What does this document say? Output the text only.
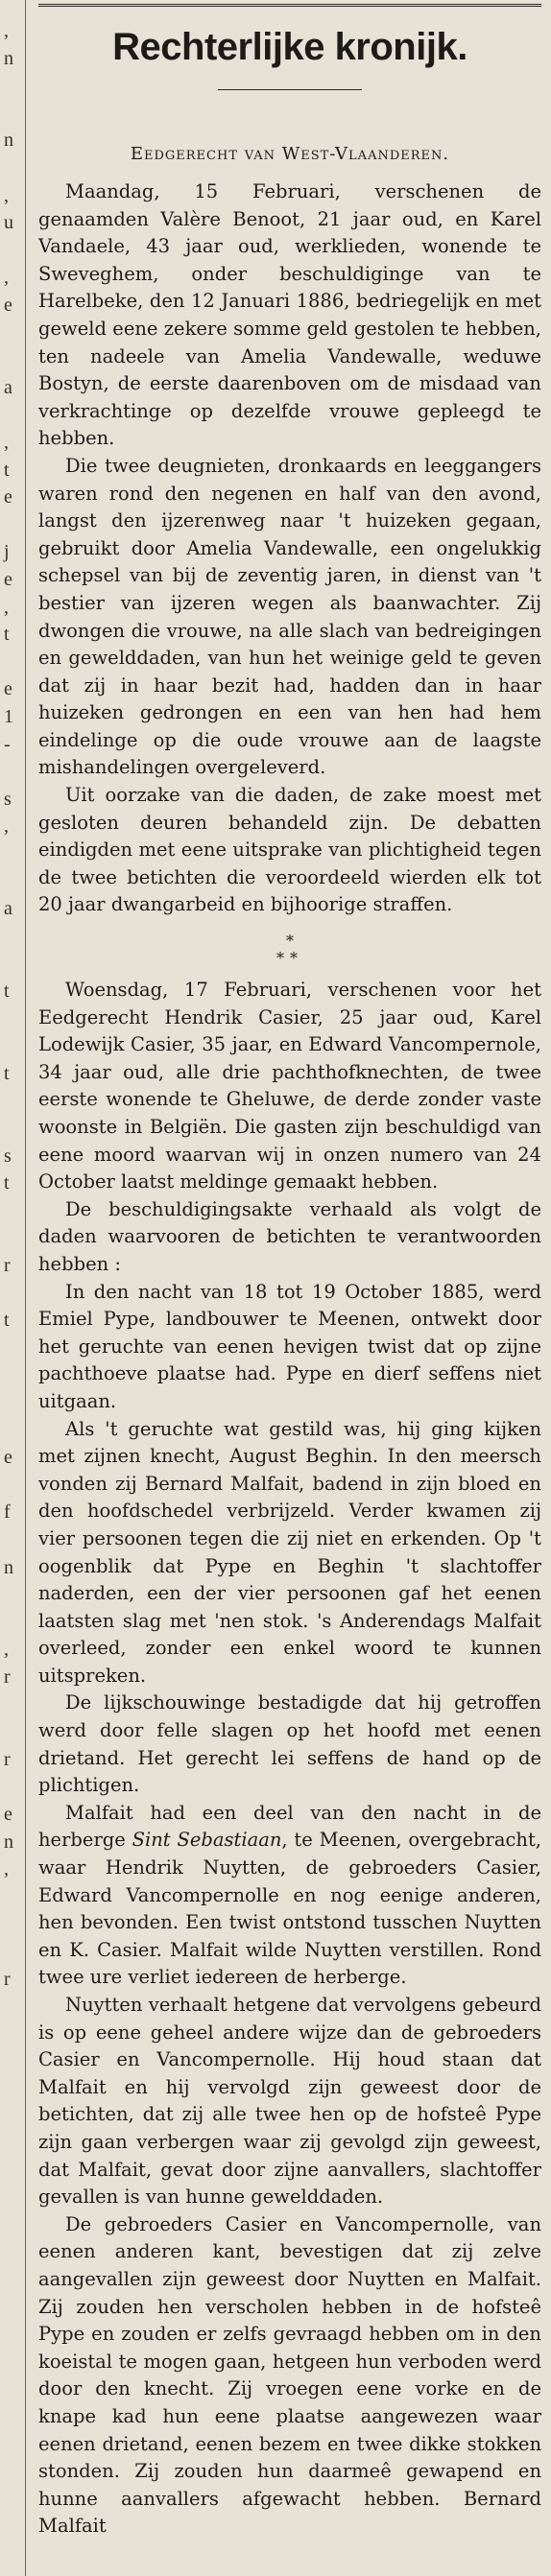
,
n
n
,
u
,
e
a
,
t
e
j
e
,
t
e
1
-
s
,
a
t
t
s
t
r
t
e
f
n
,
r
r
e
n
,
r
Rechterlijke kronijk.
Eedgerecht van West-Vlaanderen.

Maandag, 15 Februari, verschenen de genaamden Valère Benoot, 21 jaar oud, en Karel Vandaele, 43 jaar oud, werklieden, wonende te Sweveghem, onder beschuldiginge van te Harelbeke, den 12 Januari 1886, bedriegelijk en met geweld eene zekere somme geld gestolen te hebben, ten nadeele van Amelia Vandewalle, weduwe Bostyn, de eerste daarenboven om de misdaad van verkrachtinge op dezelfde vrouwe gepleegd te hebben.

Die twee deugnieten, dronkaards en leeggangers waren rond den negenen en half van den avond, langst den ijzerenweg naar 't huizeken gegaan, gebruikt door Amelia Vandewalle, een ongelukkig schepsel van bij de zeventig jaren, in dienst van 't bestier van ijzeren wegen als baanwachter. Zij dwongen die vrouwe, na alle slach van bedreigingen en gewelddaden, van hun het weinige geld te geven dat zij in haar bezit had, hadden dan in haar huizeken gedrongen en een van hen had hem eindelinge op die oude vrouwe aan de laagste mishandelingen overgeleverd.

Uit oorzake van die daden, de zake moest met gesloten deuren behandeld zijn. De debatten eindigden met eene uitsprake van plichtigheid tegen de twee betichten die veroordeeld wierden elk tot 20 jaar dwangarbeid en bijhoorige straffen.

*
**

Woensdag, 17 Februari, verschenen voor het Eedgerecht Hendrik Casier, 25 jaar oud, Karel Lodewijk Casier, 35 jaar, en Edward Vancompernole, 34 jaar oud, alle drie pachthofknechten, de twee eerste wonende te Gheluwe, de derde zonder vaste woonste in Belgiën. Die gasten zijn beschuldigd van eene moord waarvan wij in onzen numero van 24 October laatst meldinge gemaakt hebben.

De beschuldigingsakte verhaald als volgt de daden waarvooren de betichten te verantwoorden hebben :

In den nacht van 18 tot 19 October 1885, werd Emiel Pype, landbouwer te Meenen, ontwekt door het geruchte van eenen hevigen twist dat op zijne pachthoeve plaatse had. Pype en dierf seffens niet uitgaan.

Als 't geruchte wat gestild was, hij ging kijken met zijnen knecht, August Beghin. In den meersch vonden zij Bernard Malfait, badend in zijn bloed en den hoofdschedel verbrijzeld. Verder kwamen zij vier persoonen tegen die zij niet en erkenden. Op 't oogenblik dat Pype en Beghin 't slachtoffer naderden, een der vier persoonen gaf het eenen laatsten slag met 'nen stok. 's Anderendags Malfait overleed, zonder een enkel woord te kunnen uitspreken.

De lijkschouwinge bestadigde dat hij getroffen werd door felle slagen op het hoofd met eenen drietand. Het gerecht lei seffens de hand op de plichtigen.

Malfait had een deel van den nacht in de herberge Sint Sebastiaan, te Meenen, overgebracht, waar Hendrik Nuytten, de gebroeders Casier, Edward Vancompernolle en nog eenige anderen, hen bevonden. Een twist ontstond tusschen Nuytten en K. Casier. Malfait wilde Nuytten verstillen. Rond twee ure verliet iedereen de herberge.

Nuytten verhaalt hetgene dat vervolgens gebeurd is op eene geheel andere wijze dan de gebroeders Casier en Vancompernolle. Hij houd staan dat Malfait en hij vervolgd zijn geweest door de betichten, dat zij alle twee hen op de hofsteê Pype zijn gaan verbergen waar zij gevolgd zijn geweest, dat Malfait, gevat door zijne aanvallers, slachtoffer gevallen is van hunne gewelddaden.

De gebroeders Casier en Vancompernolle, van eenen anderen kant, bevestigen dat zij zelve aangevallen zijn geweest door Nuytten en Malfait. Zij zouden hen verscholen hebben in de hofsteê Pype en zouden er zelfs gevraagd hebben om in den koeistal te mogen gaan, hetgeen hun verboden werd door den knecht. Zij vroegen eene vorke en de knape kad hun eene plaatse aangewezen waar eenen drietand, eenen bezem en twee dikke stokken stonden. Zij zouden hun daarmeê gewapend en hunne aanvallers afgewacht hebben. Bernard Malfait
